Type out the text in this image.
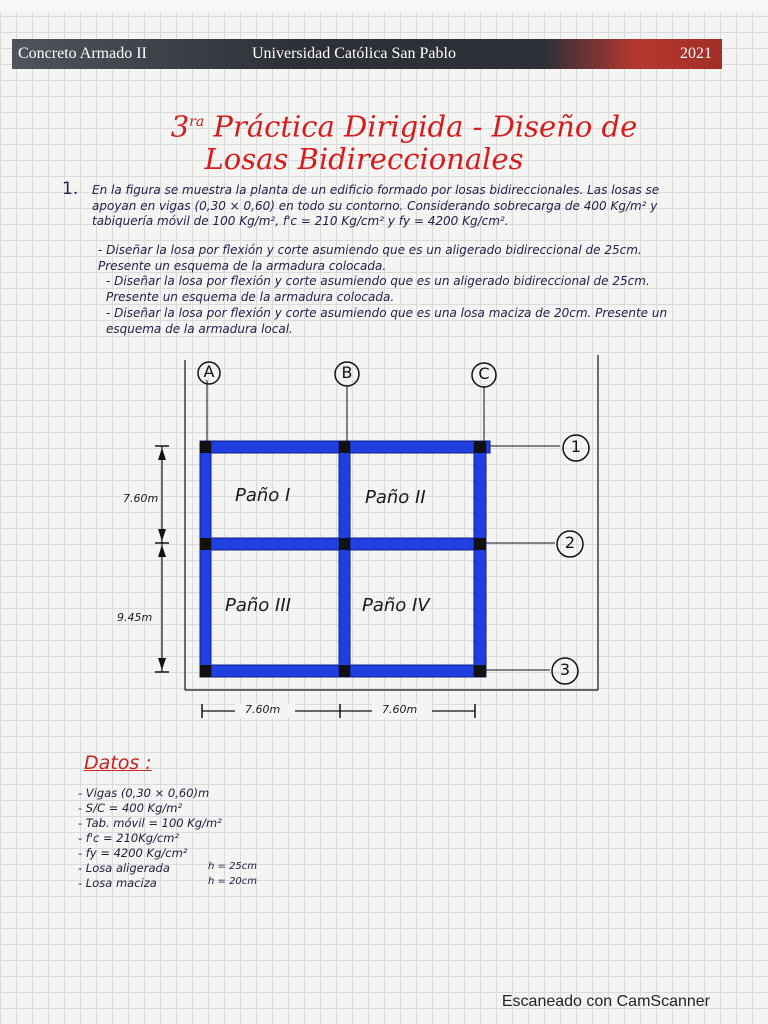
Concreto Armado II	Universidad Católica San Pablo	2021
$3^{ra}$ Práctica Dirigida - Diseño de
Losas Bidireccionales
1. En la figura se muestra la planta de un edificio formado por losas bidireccionales. Las losas se apoyan en vigas (0,30 × 0,60) en todo su contorno. Considerando sobrecarga de 400 Kg/m² y tabiquería móvil de 100 Kg/m², f'c = 210 Kg/cm² y fy = 4200 Kg/cm².
- Diseñar la losa por flexión y corte asumiendo que es un aligerado bidireccional de 25cm. Presente un esquema de la armadura colocada.
- Diseñar la losa por flexión y corte asumiendo que es un aligerado bidireccional de 25cm. Presente un esquema de la armadura colocada.
- Diseñar la losa por flexión y corte asumiendo que es una losa maciza de 20cm. Presente un esquema de la armadura local.
A	B	C
1
2
3
Paño I	Paño II
Paño III	Paño IV
7.60m
9.45m
7.60m	7.60m
Datos :
- Vigas (0,30 × 0,60)m
- S/C = 400 Kg/m²
- Tab. móvil = 100 Kg/m²
- f'c = 210Kg/cm²
- fy = 4200 Kg/cm²
- Losa aligerada	h = 25cm
- Losa maciza	h = 20cm
Escaneado con CamScanner
